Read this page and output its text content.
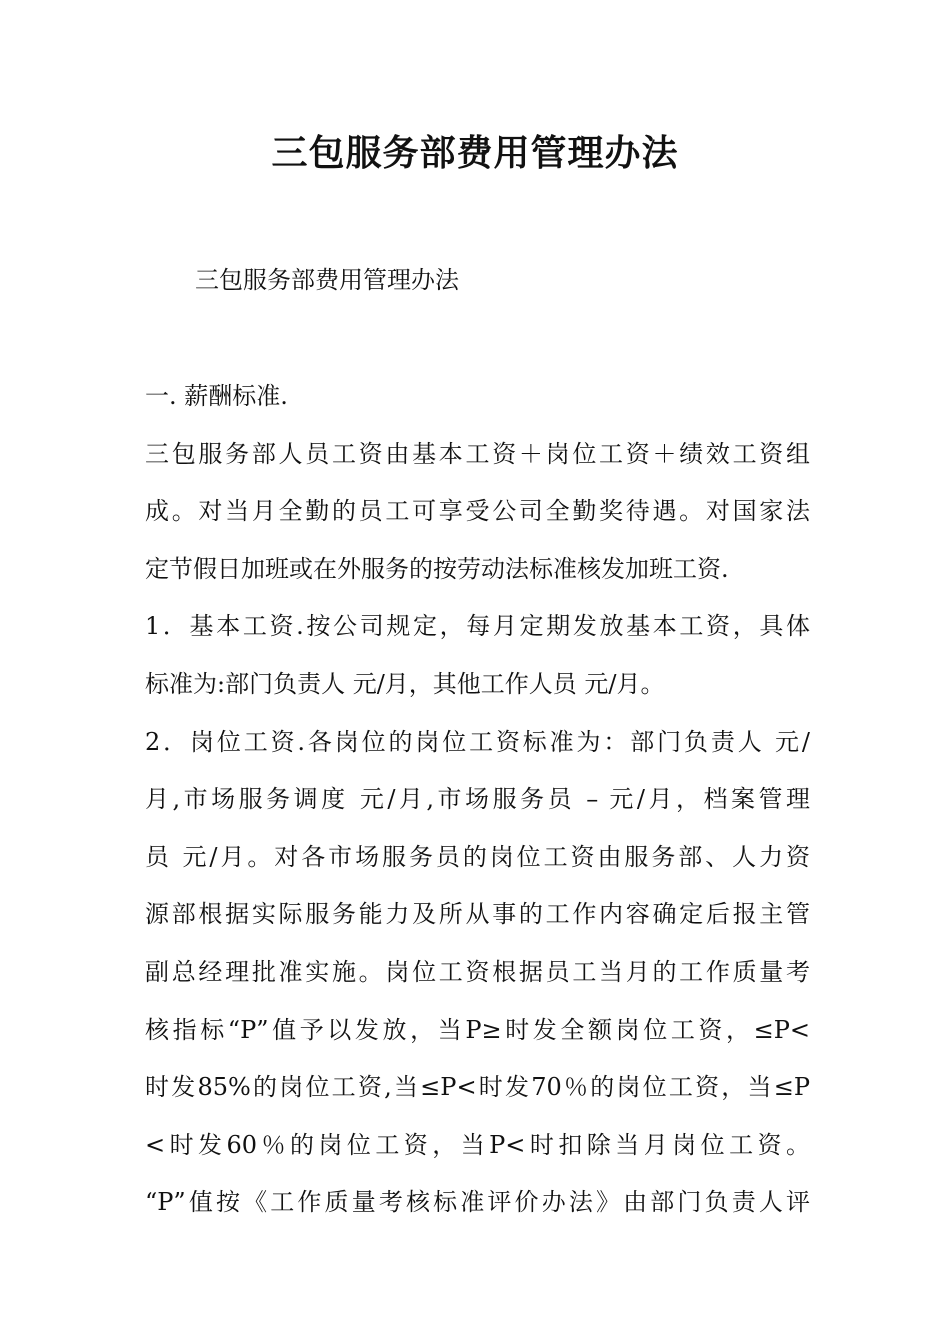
三包服务部费用管理办法
三包服务部费用管理办法
一. 薪酬标准.
三包服务部人员工资由基本工资＋岗位工资＋绩效工资组
成。对当月全勤的员工可享受公司全勤奖待遇。对国家法
定节假日加班或在外服务的按劳动法标准核发加班工资.
1．基本工资.按公司规定，每月定期发放基本工资，具体
标准为:部门负责人 元/月，其他工作人员 元/月。
2．岗位工资.各岗位的岗位工资标准为：部门负责人 元/
月,市场服务调度 元/月,市场服务员 – 元/月，档案管理
员 元/月。对各市场服务员的岗位工资由服务部、人力资
源部根据实际服务能力及所从事的工作内容确定后报主管
副总经理批准实施。岗位工资根据员工当月的工作质量考
核指标“P”值予以发放，当P≥时发全额岗位工资，≤P<
时发85%的岗位工资,当≤P<时发70％的岗位工资，当≤P
<时发60％的岗位工资，当P<时扣除当月岗位工资。
“P”值按《工作质量考核标准评价办法》由部门负责人评
